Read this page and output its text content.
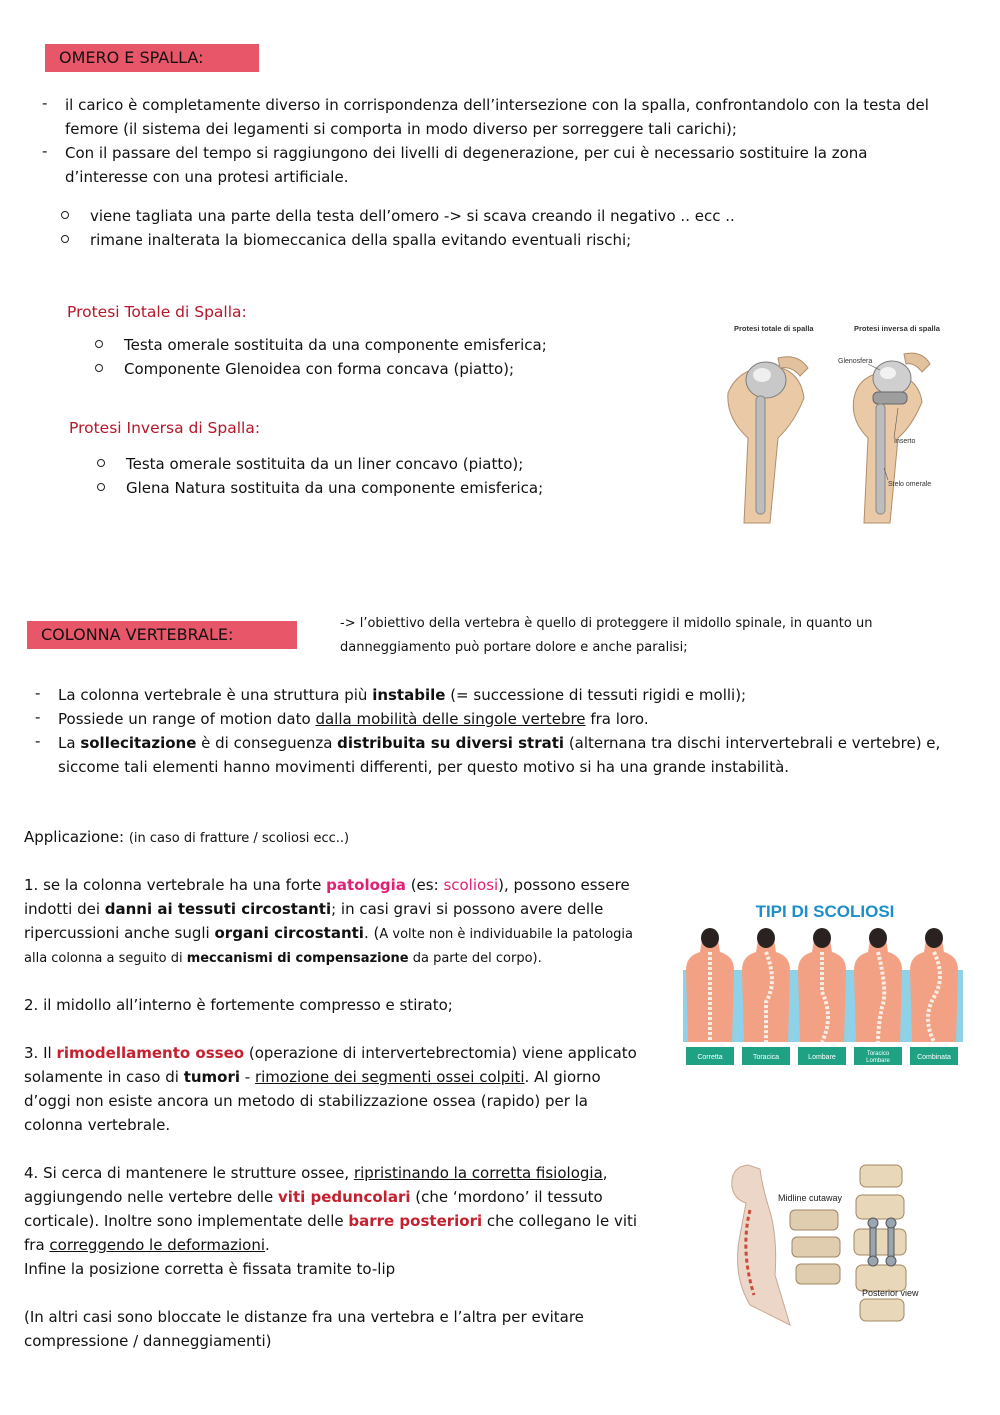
OMERO E SPALLA:
- il carico è completamente diverso in corrispondenza dell’intersezione con la spalla, confrontandolo con la testa del
femore (il sistema dei legamenti si comporta in modo diverso per sorreggere tali carichi);
- Con il passare del tempo si raggiungono dei livelli di degenerazione, per cui è necessario sostituire la zona
d’interesse con una protesi artificiale.
viene tagliata una parte della testa dell’omero -> si scava creando il negativo .. ecc ..
rimane inalterata la biomeccanica della spalla evitando eventuali rischi;
Protesi Totale di Spalla:
Testa omerale sostituita da una componente emisferica;
Componente Glenoidea con forma concava (piatto);
Protesi Inversa di Spalla:
Testa omerale sostituita da un liner concavo (piatto);
Glena Natura sostituita da una componente emisferica;
Protesi totale di spalla	Protesi inversa di spalla
Glenosfera
Inserto
Stelo omerale
COLONNA VERTEBRALE:
-> l’obiettivo della vertebra è quello di proteggere il midollo spinale, in quanto un
danneggiamento può portare dolore e anche paralisi;
- La colonna vertebrale è una struttura più instabile (= successione di tessuti rigidi e molli);
- Possiede un range of motion dato dalla mobilità delle singole vertebre fra loro.
- La sollecitazione è di conseguenza distribuita su diversi strati (alternana tra dischi intervertebrali e vertebre) e,
siccome tali elementi hanno movimenti differenti, per questo motivo si ha una grande instabilità.
Applicazione: (in caso di fratture / scoliosi ecc..)
1. se la colonna vertebrale ha una forte patologia (es: scoliosi), possono essere
indotti dei danni ai tessuti circostanti; in casi gravi si possono avere delle
ripercussioni anche sugli organi circostanti. (A volte non è individuabile la patologia
alla colonna a seguito di meccanismi di compensazione da parte del corpo).
2. il midollo all’interno è fortemente compresso e stirato;
3. Il rimodellamento osseo (operazione di intervertebrectomia) viene applicato
solamente in caso di tumori - rimozione dei segmenti ossei colpiti. Al giorno
d’oggi non esiste ancora un metodo di stabilizzazione ossea (rapido) per la
colonna vertebrale.
4. Si cerca di mantenere le strutture ossee, ripristinando la corretta fisiologia,
aggiungendo nelle vertebre delle viti peduncolari (che ‘mordono’ il tessuto
corticale). Inoltre sono implementate delle barre posteriori che collegano le viti
fra correggendo le deformazioni.
Infine la posizione corretta è fissata tramite to-lip
(In altri casi sono bloccate le distanze fra una vertebra e l’altra per evitare
compressione / danneggiamenti)
TIPI DI SCOLIOSI
Corretta	Toracica	Lombare	Toracico
Lombare	Combinata
Midline cutaway
Posterior view
